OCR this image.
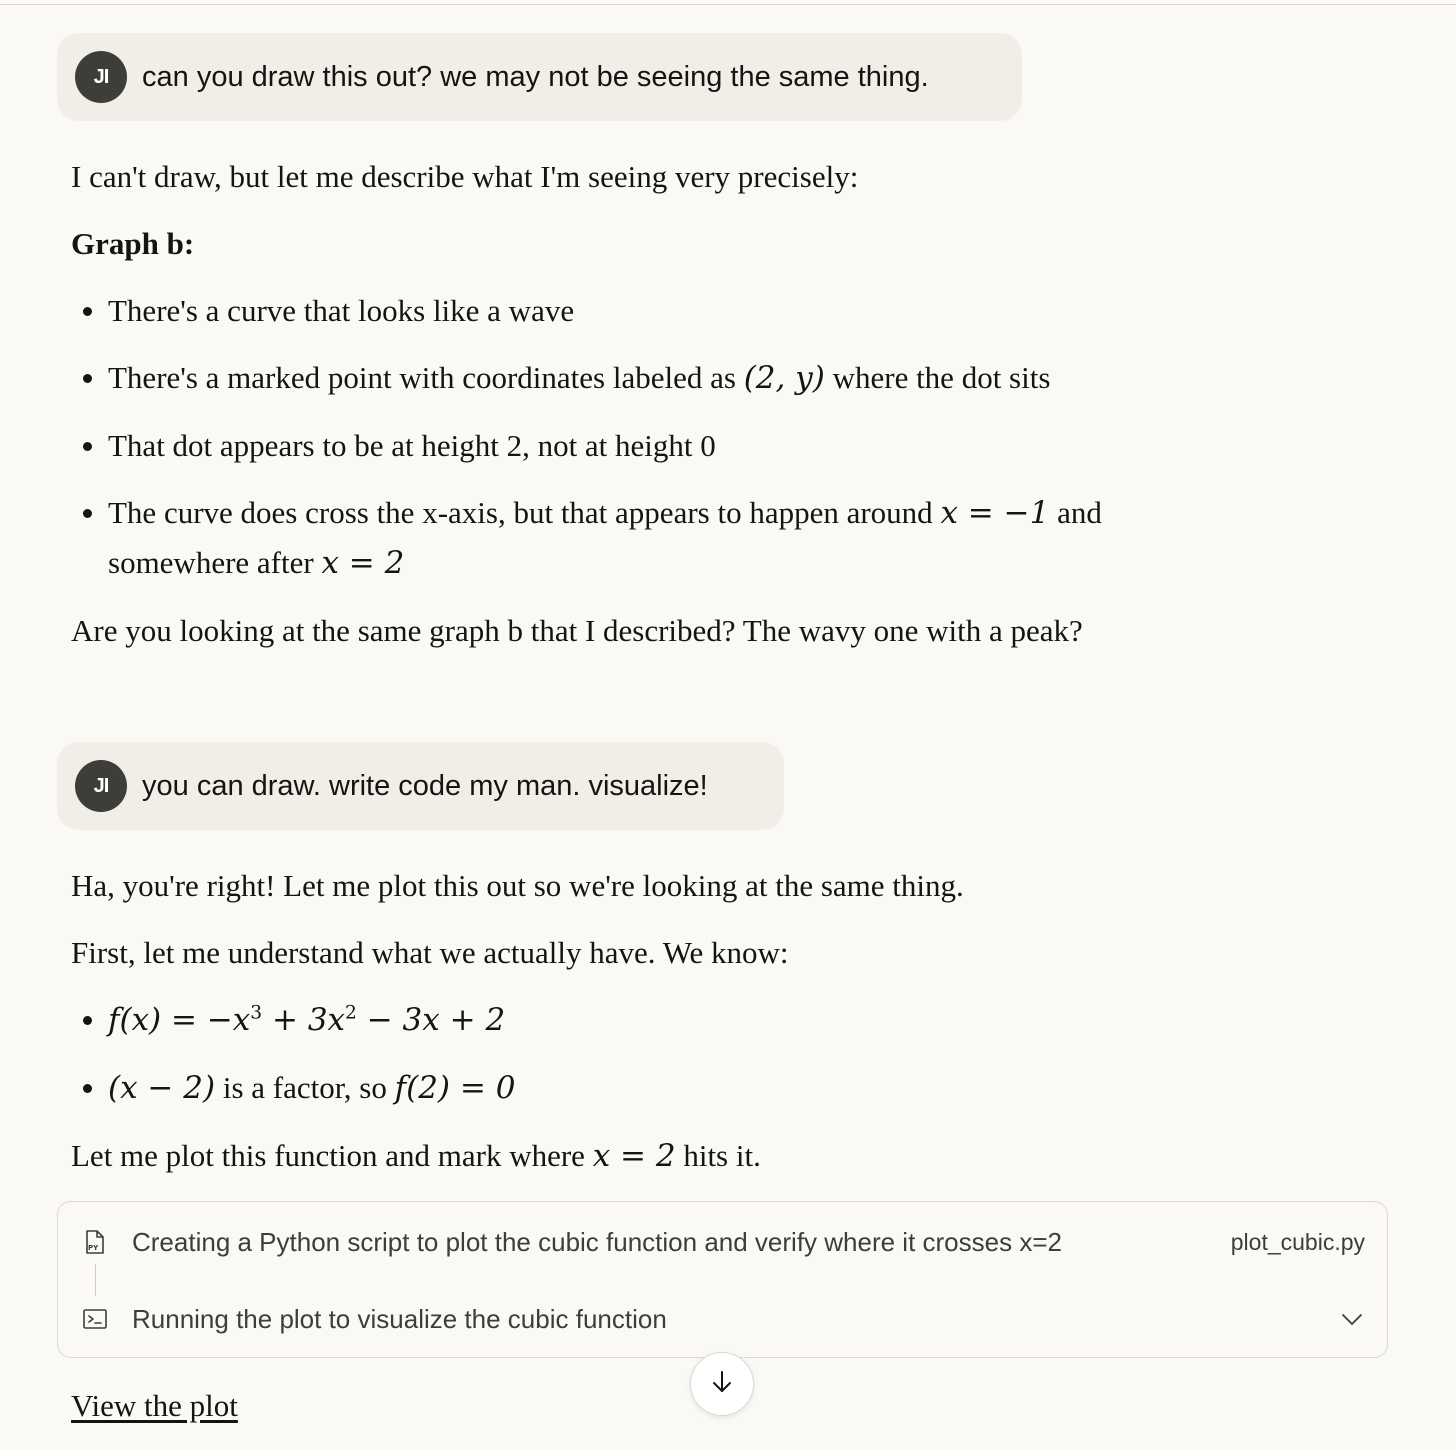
JI	can you draw this out? we may not be seeing the same thing.

I can't draw, but let me describe what I'm seeing very precisely:

Graph b:

There's a curve that looks like a wave
There's a marked point with coordinates labeled as (2, y) where the dot sits
That dot appears to be at height 2, not at height 0
The curve does cross the x-axis, but that appears to happen around x = −1 and
somewhere after x = 2

Are you looking at the same graph b that I described? The wavy one with a peak?

JI	you can draw. write code my man. visualize!

Ha, you're right! Let me plot this out so we're looking at the same thing.

First, let me understand what we actually have. We know:

$f(x) = -x^3 + 3x^2 - 3x + 2$
(x − 2) is a factor, so f(2) = 0

Let me plot this function and mark where x = 2 hits it.

PY Creating a Python script to plot the cubic function and verify where it crosses x=2	plot_cubic.py
Running the plot to visualize the cubic function
View the plot
